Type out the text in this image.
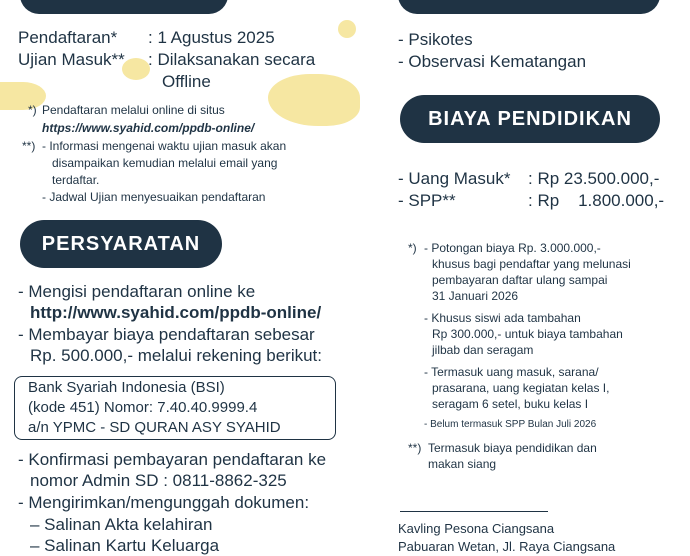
Pendaftaran* : 1 Agustus 2025
Ujian Masuk** : Dilaksanakan secara
Offline
*) Pendaftaran melalui online di situs
https://www.syahid.com/ppdb-online/
**) - Informasi mengenai waktu ujian masuk akan
disampaikan kemudian melalui email yang
terdaftar.
- Jadwal Ujian menyesuaikan pendaftaran
- Psikotes
- Observasi Kematangan
BIAYA PENDIDIKAN
- Uang Masuk* : Rp 23.500.000,-
- SPP**	: Rp    1.800.000,-
*) - Potongan biaya Rp. 3.000.000,-
khusus bagi pendaftar yang melunasi
pembayaran daftar ulang sampai
31 Januari 2026
- Khusus siswi ada tambahan
Rp 300.000,- untuk biaya tambahan
jilbab dan seragam
- Termasuk uang masuk, sarana/
prasarana, uang kegiatan kelas I,
seragam 6 setel, buku kelas I
- Belum termasuk SPP Bulan Juli 2026
**) Termasuk biaya pendidikan dan
makan siang
PERSYARATAN
- Mengisi pendaftaran online ke
http://www.syahid.com/ppdb-online/
- Membayar biaya pendaftaran sebesar
Rp. 500.000,- melalui rekening berikut:
Bank Syariah Indonesia (BSI)
(kode 451) Nomor: 7.40.40.9999.4
a/n YPMC - SD QURAN ASY SYAHID
- Konfirmasi pembayaran pendaftaran ke
nomor Admin SD : 0811-8862-325
- Mengirimkan/mengunggah dokumen:
– Salinan Akta kelahiran
– Salinan Kartu Keluarga
Kavling Pesona Ciangsana
Pabuaran Wetan, Jl. Raya Ciangsana
